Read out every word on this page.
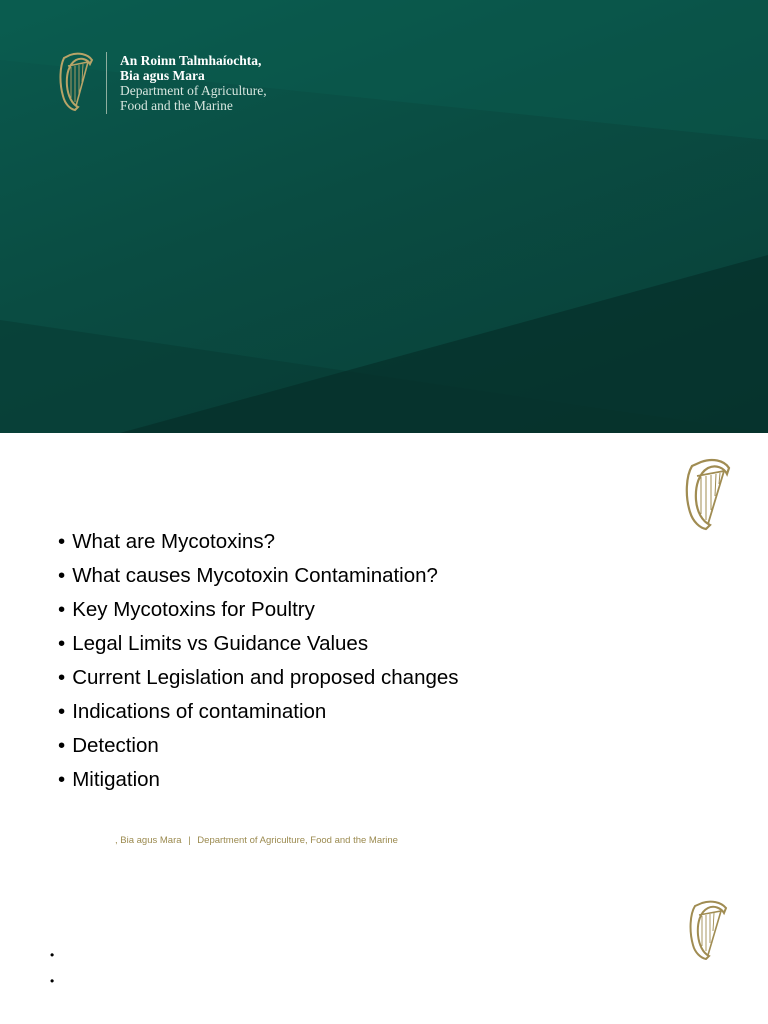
An Roinn Talmhaíochta,
Bia agus Mara
Department of Agriculture,
Food and the Marine
• What are Mycotoxins?
• What causes Mycotoxin Contamination?
• Key Mycotoxins for Poultry
• Legal Limits vs Guidance Values
• Current Legislation and proposed changes
• Indications of contamination
• Detection
• Mitigation
, Bia agus Mara | Department of Agriculture, Food and the Marine
•
•
